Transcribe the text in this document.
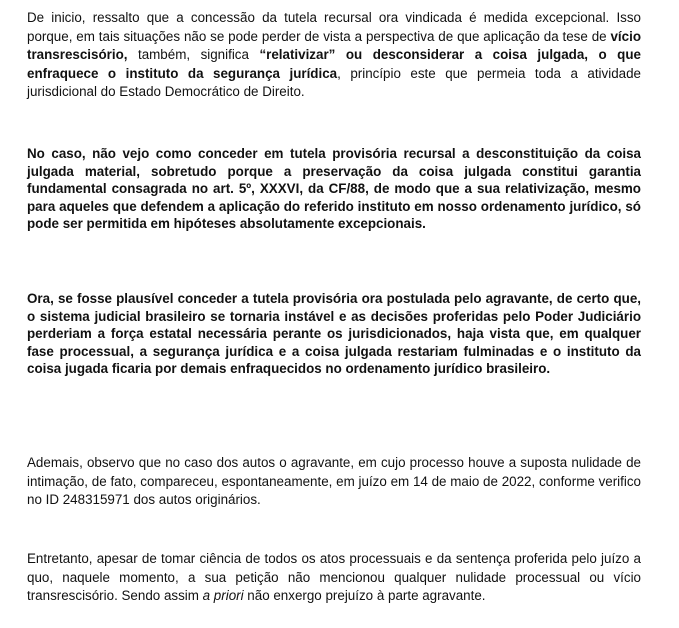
De inicio, ressalto que a concessão da tutela recursal ora vindicada é medida excepcional. Isso porque, em tais situações não se pode perder de vista a perspectiva de que aplicação da tese de vício transrescisório, também, significa “relativizar” ou desconsiderar a coisa julgada, o que enfraquece o instituto da segurança jurídica, princípio este que permeia toda a atividade jurisdicional do Estado Democrático de Direito.

No caso, não vejo como conceder em tutela provisória recursal a desconstituição da coisa julgada material, sobretudo porque a preservação da coisa julgada constitui garantia fundamental consagrada no art. 5º, XXXVI, da CF/88, de modo que a sua relativização, mesmo para aqueles que defendem a aplicação do referido instituto em nosso ordenamento jurídico, só pode ser permitida em hipóteses absolutamente excepcionais.

Ora, se fosse plausível conceder a tutela provisória ora postulada pelo agravante, de certo que, o sistema judicial brasileiro se tornaria instável e as decisões proferidas pelo Poder Judiciário perderiam a força estatal necessária perante os jurisdicionados, haja vista que, em qualquer fase processual, a segurança jurídica e a coisa julgada restariam fulminadas e o instituto da coisa jugada ficaria por demais enfraquecidos no ordenamento jurídico brasileiro.

Ademais, observo que no caso dos autos o agravante, em cujo processo houve a suposta nulidade de intimação, de fato, compareceu, espontaneamente, em juízo em 14 de maio de 2022, conforme verifico no ID 248315971 dos autos originários.

Entretanto, apesar de tomar ciência de todos os atos processuais e da sentença proferida pelo juízo a quo, naquele momento, a sua petição não mencionou qualquer nulidade processual ou vício transrescisório. Sendo assim a priori não enxergo prejuízo à parte agravante.
